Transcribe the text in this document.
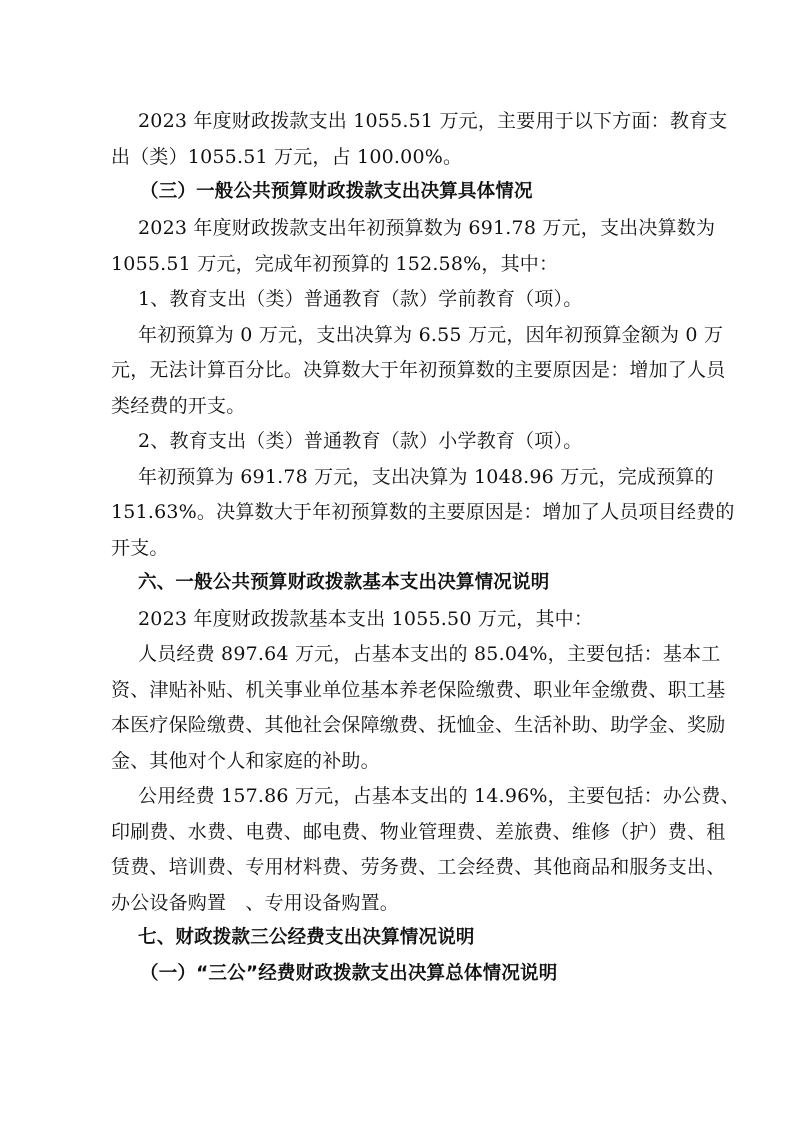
2023 年度财政拨款支出 1055.51 万元，主要用于以下方面：教育支
出（类）1055.51 万元，占 100.00%。
（三）一般公共预算财政拨款支出决算具体情况
2023 年度财政拨款支出年初预算数为 691.78 万元，支出决算数为
1055.51 万元，完成年初预算的 152.58%，其中：
1、教育支出（类）普通教育（款）学前教育（项）。
年初预算为 0 万元，支出决算为 6.55 万元，因年初预算金额为 0 万
元，无法计算百分比。决算数大于年初预算数的主要原因是：增加了人员
类经费的开支。
2、教育支出（类）普通教育（款）小学教育（项）。
年初预算为 691.78 万元，支出决算为 1048.96 万元，完成预算的
151.63%。决算数大于年初预算数的主要原因是：增加了人员项目经费的
开支。
六、一般公共预算财政拨款基本支出决算情况说明
2023 年度财政拨款基本支出 1055.50 万元，其中：
人员经费 897.64 万元，占基本支出的 85.04%，主要包括：基本工
资、津贴补贴、机关事业单位基本养老保险缴费、职业年金缴费、职工基
本医疗保险缴费、其他社会保障缴费、抚恤金、生活补助、助学金、奖励
金、其他对个人和家庭的补助。
公用经费 157.86 万元，占基本支出的 14.96%，主要包括：办公费、
印刷费、水费、电费、邮电费、物业管理费、差旅费、维修（护）费、租
赁费、培训费、专用材料费、劳务费、工会经费、其他商品和服务支出、
办公设备购置　、专用设备购置。
七、财政拨款三公经费支出决算情况说明
（一）“三公”经费财政拨款支出决算总体情况说明
